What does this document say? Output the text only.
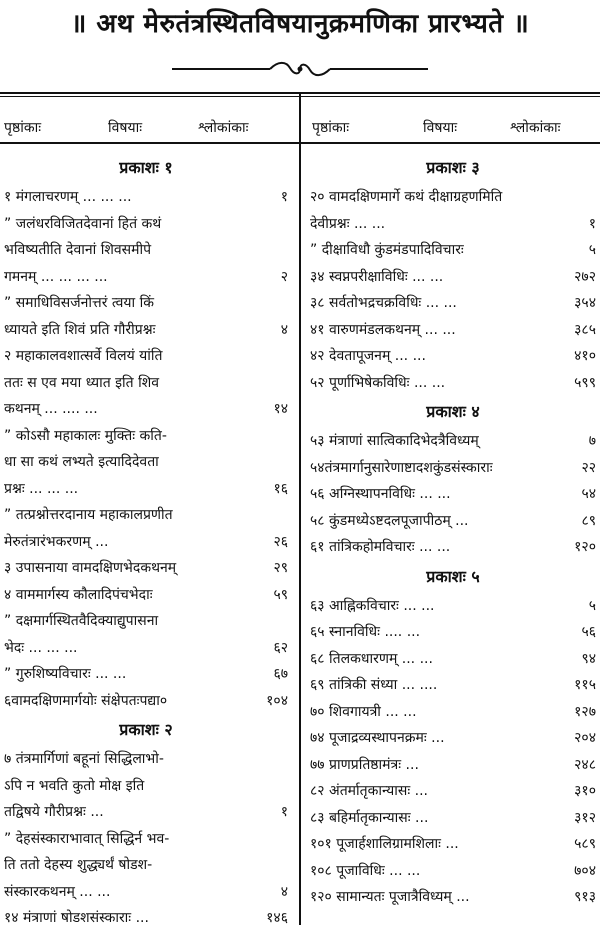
॥ अथ मेरुतंत्रस्थितविषयानुक्रमणिका प्रारभ्यते ॥
पृष्ठांकाः	विषयाः	श्लोकांकाः	पृष्ठांकाः	विषयाः	श्लोकांकाः
प्रकाशः १
१ मंगलाचरणम् ... ... ...	१
” जलंधरविजितदेवानां हितं कथं
भविष्यतीति देवानां शिवसमीपे
गमनम् ... ... ... ...	२
” समाधिविसर्जनोत्तरं त्वया किं
ध्यायते इति शिवं प्रति गौरीप्रश्नः	४
२ महाकालवशात्सर्वे विलयं यांति
ततः स एव मया ध्यात इति शिव
कथनम् ... .... ...	१४
” कोऽसौ महाकालः मुक्तिः कति-
धा सा कथं लभ्यते इत्यादिदेवता
प्रश्नः ... ... ...	१६
” तत्प्रश्नोत्तरदानाय महाकालप्रणीत
मेरुतंत्रारंभकरणम् ...	२६
३ उपासनाया वामदक्षिणभेदकथनम्	२९
४ वाममार्गस्य कौलादिपंचभेदाः	५९
” दक्षमार्गस्थितवैदिक्याद्युपासना
भेदः ... ... ...	६२
” गुरुशिष्यविचारः ... ...	६७
६वामदक्षिणमार्गयोः संक्षेपतःपद्या०	१०४
प्रकाशः २
७ तंत्रमार्गिणां बहूनां सिद्धिलाभो-
ऽपि न भवति कुतो मोक्ष इति
तद्विषये गौरीप्रश्नः ...	१
” देहसंस्काराभावात् सिद्धिर्न भव-
ति ततो देहस्य शुद्ध्यर्थं षोडश-
संस्कारकथनम् ... ...	४
१४ मंत्राणां षोडशसंस्काराः ...	१४६
प्रकाशः ३
२० वामदक्षिणमार्गे कथं दीक्षाग्रहणमिति
देवीप्रश्नः ... ...	१
” दीक्षाविधौ कुंडमंडपादिविचारः	५
३४ स्वप्नपरीक्षाविधिः ... ...	२७२
३८ सर्वतोभद्रचक्रविधिः ... ...	३५४
४१ वारुणमंडलकथनम् ... ...	३८५
४२ देवतापूजनम् ... ...	४१०
५२ पूर्णाभिषेकविधिः ... ...	५९९
प्रकाशः ४
५३ मंत्राणां सात्विकादिभेदत्रैविध्यम्	७
५४तंत्रमार्गानुसारेणाष्टादशकुंडसंस्काराः	२२
५६ अग्निस्थापनविधिः ... ...	५४
५८ कुंडमध्येऽष्टदलपूजापीठम् ...	८९
६१ तांत्रिकहोमविचारः ... ...	१२०
प्रकाशः ५
६३ आह्निकविचारः ... ...	५
६५ स्नानविधिः .... ...	५६
६८ तिलकधारणम् ... ...	९४
६९ तांत्रिकी संध्या ... ....	११५
७० शिवगायत्री ... ...	१२७
७४ पूजाद्रव्यस्थापनक्रमः ...	२०४
७७ प्राणप्रतिष्ठामंत्रः ...	२४८
८२ अंतर्मातृकान्यासः ...	३१०
८३ बहिर्मातृकान्यासः ...	३१२
१०१ पूजार्हशालिग्रामशिलाः ...	५८९
१०८ पूजाविधिः ... ...	७०४
१२० सामान्यतः पूजात्रैविध्यम् ...	९१३
